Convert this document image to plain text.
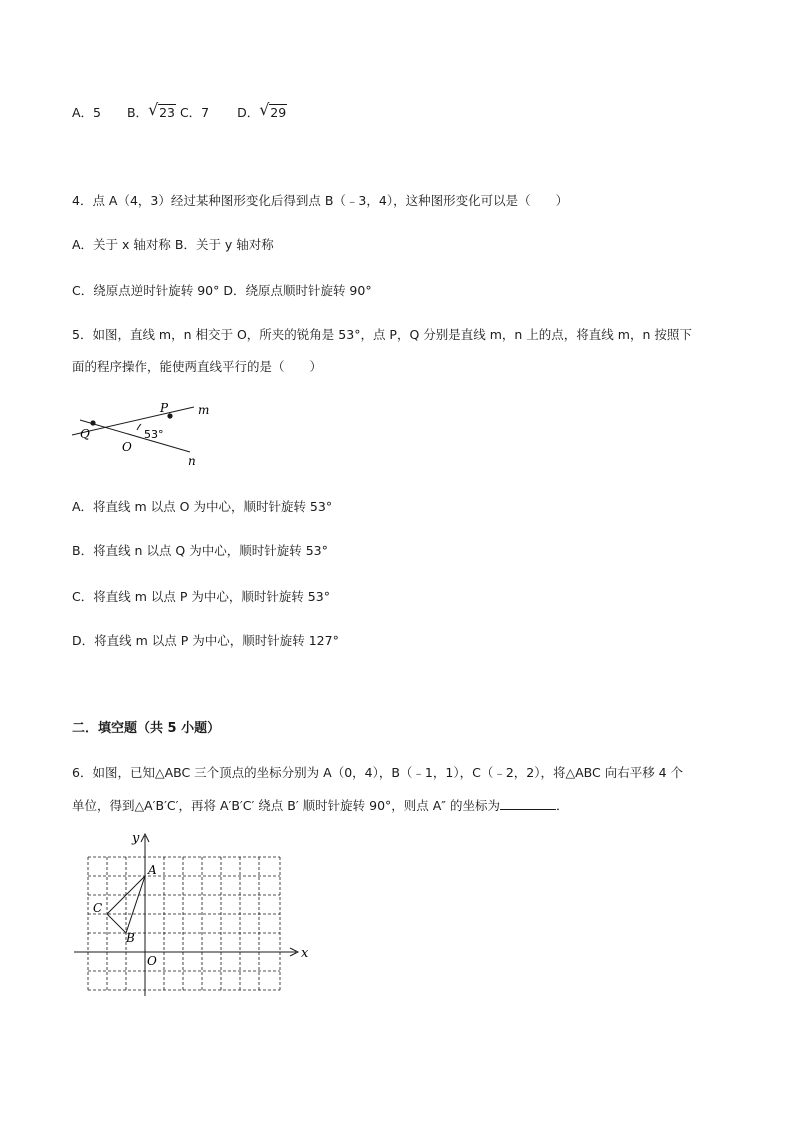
A．5 B． √ 23 C．7 D． √ 29
4．点 A（4，3）经过某种图形变化后得到点 B（﹣3，4），这种图形变化可以是（　　）
A．关于 x 轴对称 B．关于 y 轴对称
C．绕原点逆时针旋转 90° D．绕原点顺时针旋转 90°
5．如图，直线 m，n 相交于 O，所夹的锐角是 53°，点 P，Q 分别是直线 m，n 上的点，将直线 m，n 按照下
面的程序操作，能使两直线平行的是（　　）
P m
Q
O
n
53°
A．将直线 m 以点 O 为中心，顺时针旋转 53°
B．将直线 n 以点 Q 为中心，顺时针旋转 53°
C．将直线 m 以点 P 为中心，顺时针旋转 53°
D．将直线 m 以点 P 为中心，顺时针旋转 127°
二．填空题（共 5 小题）
6．如图，已知△ABC 三个顶点的坐标分别为 A（0，4），B（﹣1，1），C（﹣2，2），将△ABC 向右平移 4 个
单位，得到△A′B′C′，再将 A′B′C′ 绕点 B′ 顺时针旋转 90°，则点 A″ 的坐标为	．
y
x
A
B
C
O
